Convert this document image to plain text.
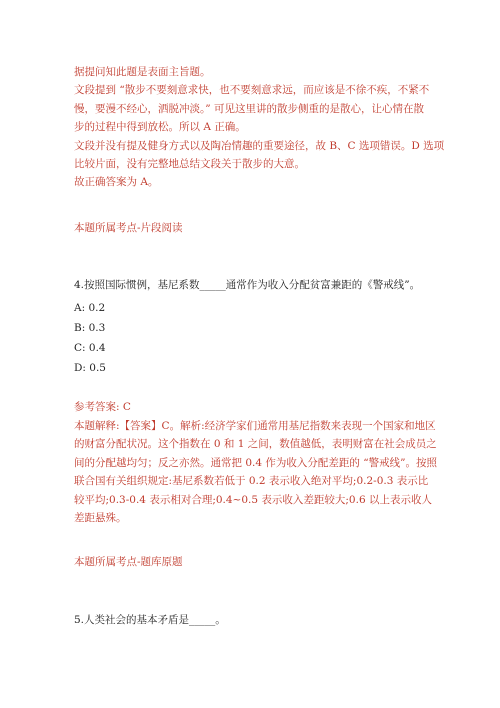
据提问知此题是表面主旨题。
文段提到 “散步不要刻意求快，也不要刻意求远，而应该是不徐不疾，不紧不
慢，要漫不经心，洒脱冲淡。” 可见这里讲的散步侧重的是散心，让心情在散
步的过程中得到放松。所以 A 正确。
文段并没有提及健身方式以及陶冶情趣的重要途径，故 B、C 选项错误。D 选项
比较片面，没有完整地总结文段关于散步的大意。
故正确答案为 A。
本题所属考点-片段阅读
4.按照国际惯例，基尼系数_____通常作为收入分配贫富兼距的《警戒线”。
A: 0.2
B: 0.3
C: 0.4
D: 0.5
参考答案: C
本题解释:【答案】C。解析:经济学家们通常用基尼指数来表现一个国家和地区
的财富分配状况。这个指数在 0 和 1 之间，数值越低，表明财富在社会成员之
间的分配越均匀；反之亦然。通常把 0.4 作为收入分配差距的 “警戒线”。按照
联合国有关组织规定:基尼系数若低于 0.2 表示收入绝对平均;0.2-0.3 表示比
较平均;0.3-0.4 表示相对合理;0.4~0.5 表示收入差距较大;0.6 以上表示收人
差距悬殊。
本题所属考点-题库原题
5.人类社会的基本矛盾是_____。
